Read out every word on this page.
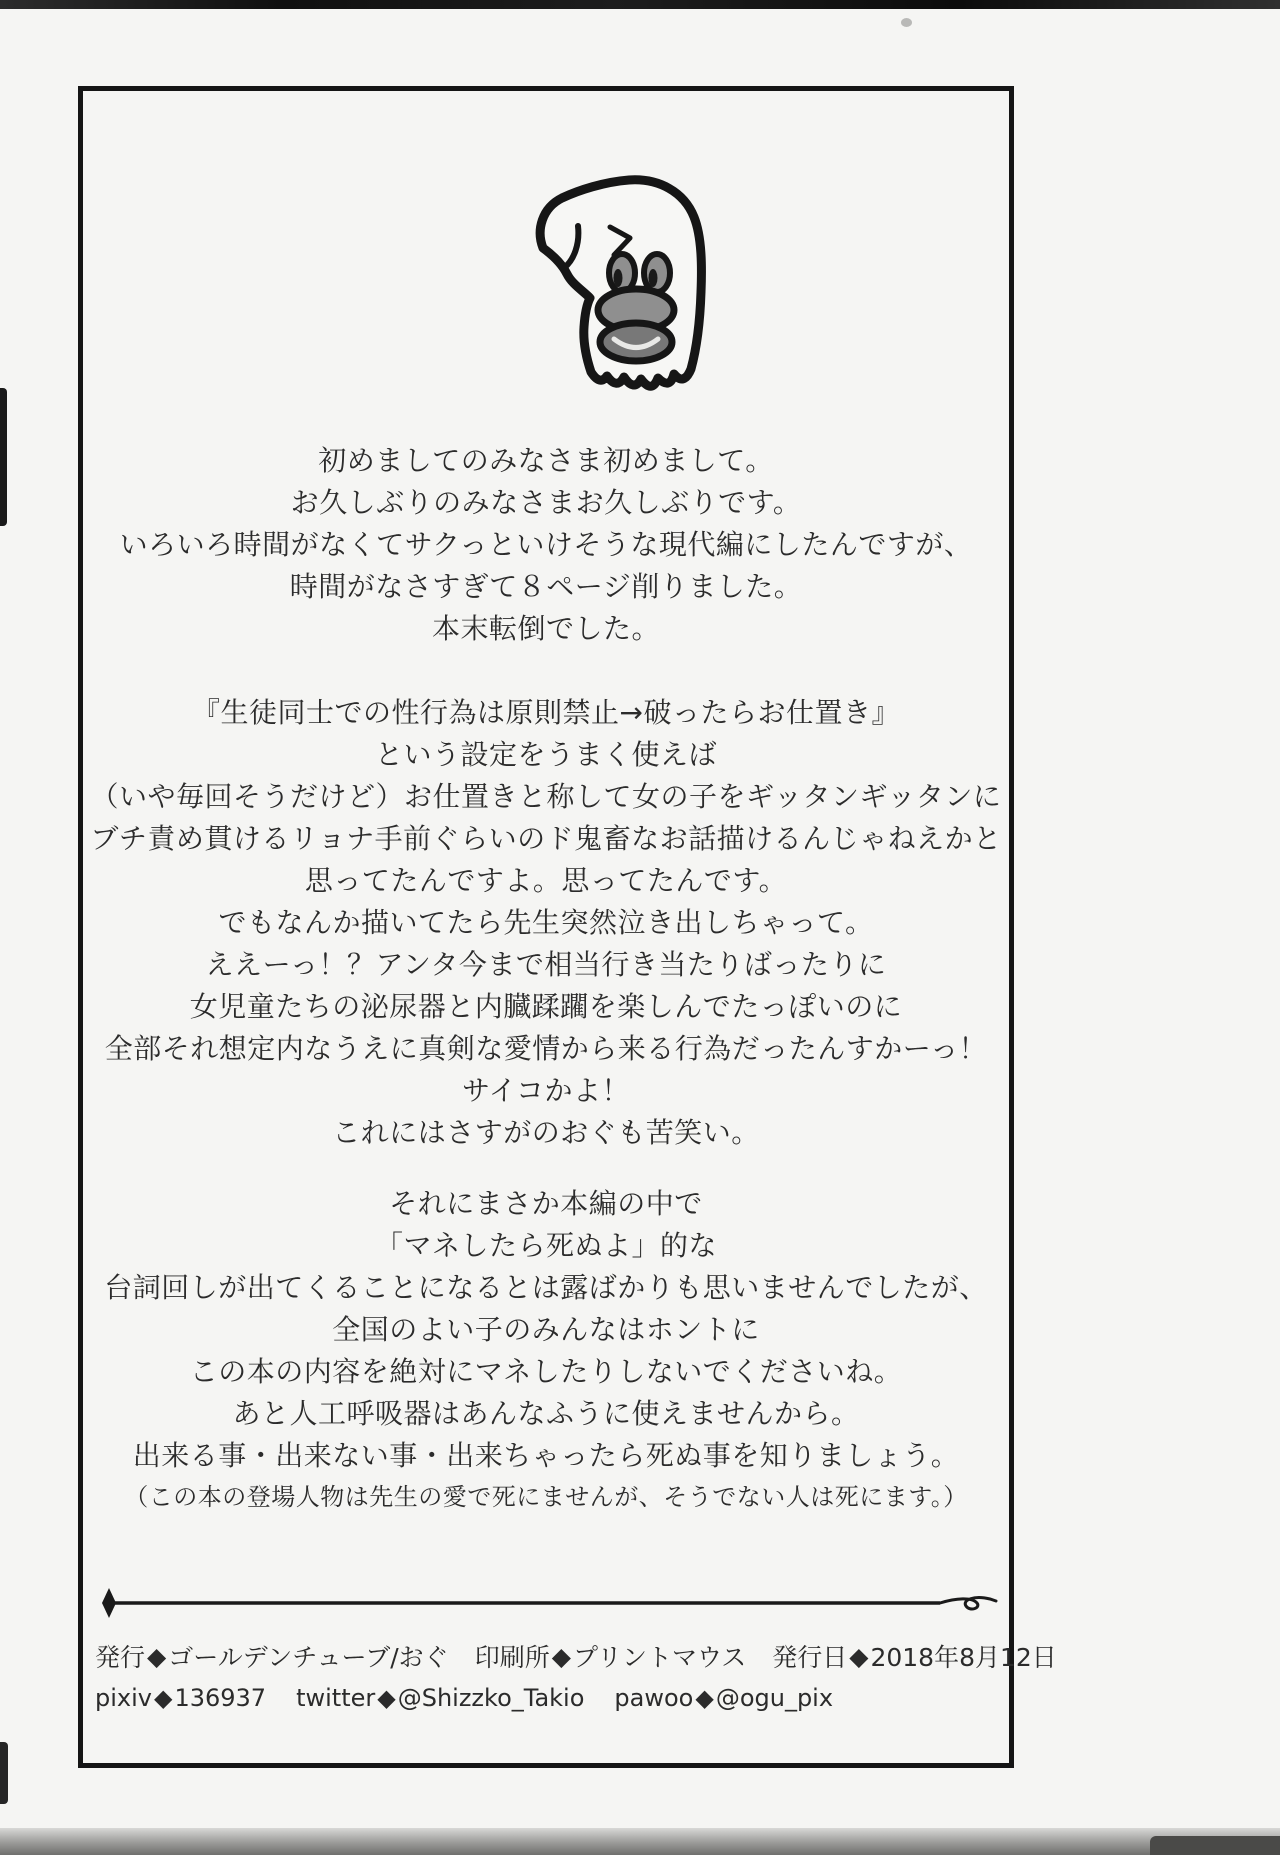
初めましてのみなさま初めまして。
お久しぶりのみなさまお久しぶりです。
いろいろ時間がなくてサクっといけそうな現代編にしたんですが、
時間がなさすぎて８ページ削りました。
本末転倒でした。
『生徒同士での性行為は原則禁止→破ったらお仕置き』
という設定をうまく使えば
（いや毎回そうだけど）お仕置きと称して女の子をギッタンギッタンに
ブチ責め貫けるリョナ手前ぐらいのド鬼畜なお話描けるんじゃねえかと
思ってたんですよ。思ってたんです。
でもなんか描いてたら先生突然泣き出しちゃって。
ええーっ！？アンタ今まで相当行き当たりばったりに
女児童たちの泌尿器と内臓蹂躙を楽しんでたっぽいのに
全部それ想定内なうえに真剣な愛情から来る行為だったんすかーっ！
サイコかよ！
これにはさすがのおぐも苦笑い。
それにまさか本編の中で
「マネしたら死ぬよ」的な
台詞回しが出てくることになるとは露ばかりも思いませんでしたが、
全国のよい子のみんなはホントに
この本の内容を絶対にマネしたりしないでくださいね。
あと人工呼吸器はあんなふうに使えませんから。
出来る事・出来ない事・出来ちゃったら死ぬ事を知りましょう。
（この本の登場人物は先生の愛で死にませんが、そうでない人は死にます。）
発行 ◆ ゴールデンチューブ/おぐ 印刷所 ◆ プリントマウス 発行日 ◆ 2018年8月12日
pixiv ◆ 136937 twitter ◆ @Shizzko_Takio pawoo ◆ @ogu_pix
